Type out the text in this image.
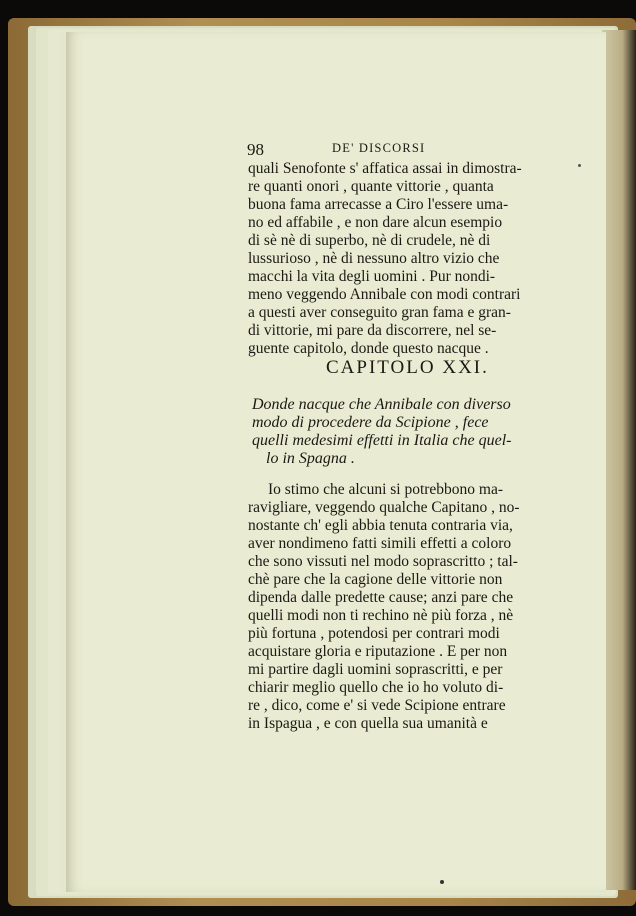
98	DE' DISCORSI
quali Senofonte s' affatica assai in dimostra-
re quanti onori , quante vittorie , quanta
buona fama arrecasse a Ciro l'essere uma-
no ed affabile , e non dare alcun esempio
di sè nè di superbo, nè di crudele, nè di
lussurioso , nè di nessuno altro vizio che
macchi la vita degli uomini . Pur nondi-
meno veggendo Annibale con modi contrari
a questi aver conseguito gran fama e gran-
di vittorie, mi pare da discorrere, nel se-
guente capitolo, donde questo nacque .
CAPITOLO XXI.
Donde nacque che Annibale con diverso
modo di procedere da Scipione , fece
quelli medesimi effetti in Italia che quel-
lo in Spagna .
Io stimo che alcuni si potrebbono ma-
ravigliare, veggendo qualche Capitano , no-
nostante ch' egli abbia tenuta contraria via,
aver nondimeno fatti simili effetti a coloro
che sono vissuti nel modo soprascritto ; tal-
chè pare che la cagione delle vittorie non
dipenda dalle predette cause; anzi pare che
quelli modi non ti rechino nè più forza , nè
più fortuna , potendosi per contrari modi
acquistare gloria e riputazione . E per non
mi partire dagli uomini soprascritti, e per
chiarir meglio quello che io ho voluto di-
re , dico, come e' si vede Scipione entrare
in Ispagua , e con quella sua umanità e
